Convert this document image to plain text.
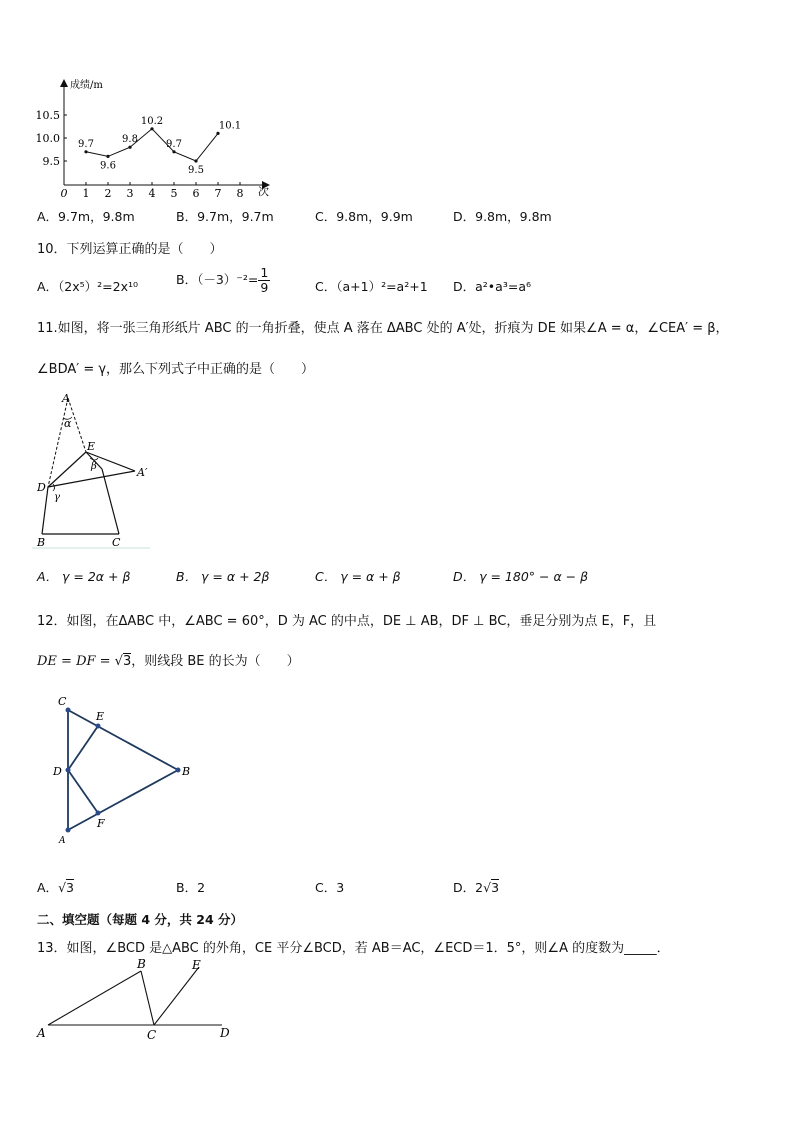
成绩/m
次
10.5
10.0
9.5
0 1 2 3 4 5 6 7 8
9.7
9.6
9.8
10.2
9.7
9.5
10.1
A．9.7m，9.8m	B．9.7m，9.7m	C．9.8m，9.9m	D．9.8m，9.8m
10．下列运算正确的是（　　）
A．（2x⁵）²=2x¹⁰	B．$(-3)^{-2}= \frac{1}{9}$	C．（a+1）²=a²+1 D．a²•a³=a⁶
11.如图，将一张三角形纸片 ABC 的一角折叠，使点 A 落在 ΔABC 处的 A′处，折痕为 DE 如果∠A = α，∠CEA′ = β，
∠BDA′ = γ，那么下列式子中正确的是（　　）
A
α
E
β	A′
D
γ
B	C
A． γ = 2α + β	B． γ = α + 2β	C． γ = α + β	D． γ = 180° − α − β
12．如图，在ΔABC 中，∠ABC = 60°，D 为 AC 的中点，DE ⊥ AB，DF ⊥ BC，垂足分别为点 E，F，且
DE = DF = √3，则线段 BE 的长为（　　）
C
E
D	B
F
A
A．√3	B．2	C．3	D．2√3
二、填空题（每题 4 分，共 24 分）
13．如图，∠BCD 是△ABC 的外角，CE 平分∠BCD，若 AB＝AC，∠ECD＝1．5°，则∠A 的度数为_____．
B	E
A	C	D
